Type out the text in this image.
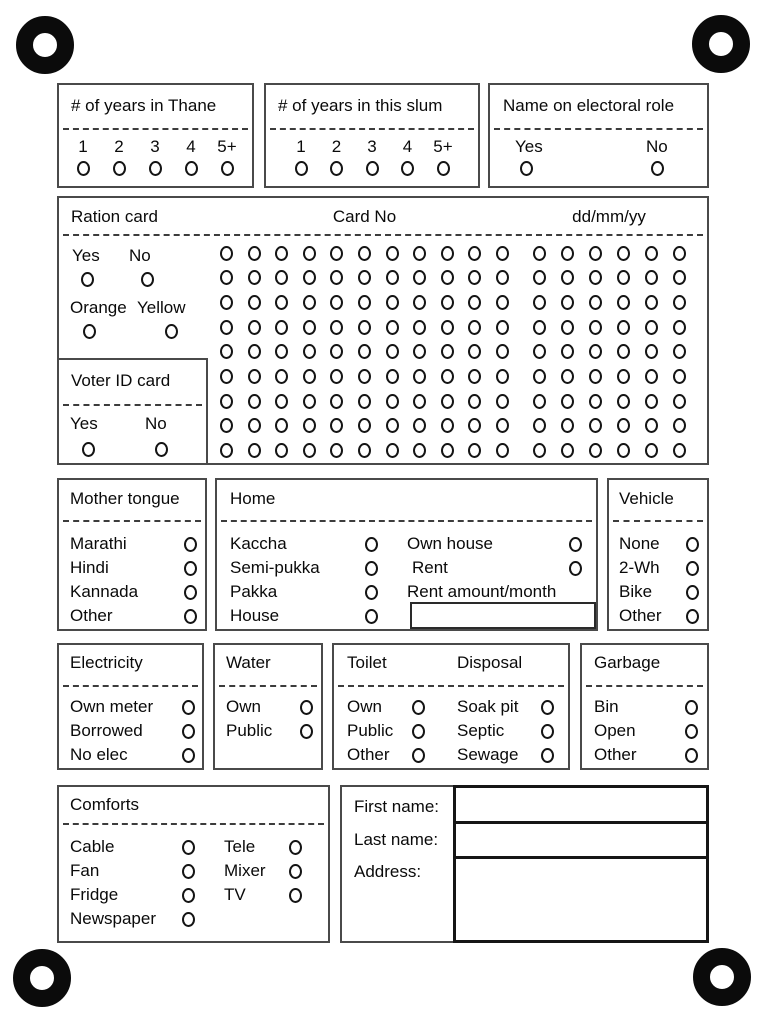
# of years in Thane
1 2 3 4 5+
# of years in this slum
1 2 3 4 5+
Name on electoral role
Yes	No
Ration card	Card No	dd/mm/yy
Yes No
Orange Yellow
Voter ID card
Yes	No
Mother tongue
Marathi
Hindi
Kannada
Other
Home
Kaccha
Semi-pukka
Pakka
House
Own house
Rent
Rent amount/month
Vehicle
None
2-Wh
Bike
Other
Electricity
Own meter
Borrowed
No elec
Water
Own
Public
Toilet	Disposal
Own
Public
Other
Soak pit
Septic
Sewage
Garbage
Bin
Open
Other
Comforts
Cable
Fan
Fridge
Newspaper
Tele
Mixer
TV
First name:
Last name:
Address:
